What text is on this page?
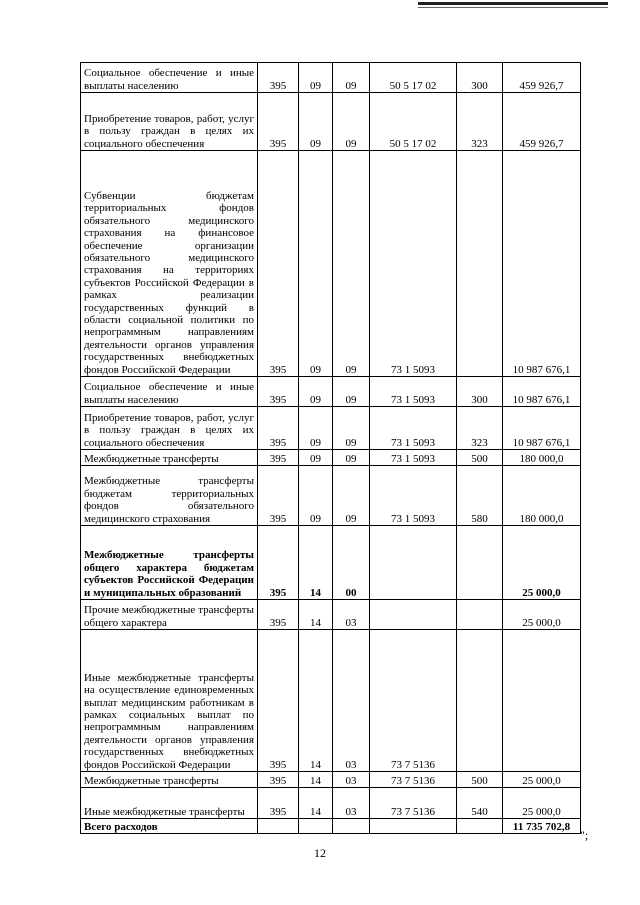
Социальное обеспечение и иные выплаты населению	395	09	09	50 5 17 02	300	459 926,7
Приобретение товаров, работ, услуг в пользу граждан в целях их социального обеспечения	395	09	09	50 5 17 02	323	459 926,7
Субвенции бюджетам территориальных фондов обязательного медицинского страхования на финансовое обеспечение организации обязательного медицинского страхования на территориях субъектов Российской Федерации в рамках реализации государственных функций в области социальной политики по непрограммным направлениям деятельности органов управления государственных внебюджетных фондов Российской Федерации	395	09	09	73 1 5093		10 987 676,1
Социальное обеспечение и иные выплаты населению	395	09	09	73 1 5093	300	10 987 676,1
Приобретение товаров, работ, услуг в пользу граждан в целях их социального обеспечения	395	09	09	73 1 5093	323	10 987 676,1
Межбюджетные трансферты	395	09	09	73 1 5093	500	180 000,0
Межбюджетные трансферты бюджетам территориальных фондов обязательного медицинского страхования	395	09	09	73 1 5093	580	180 000,0
Межбюджетные трансферты общего характера бюджетам субъектов Российской Федерации и муниципальных образований	395	14	00			25 000,0
Прочие межбюджетные трансферты общего характера	395	14	03			25 000,0
Иные межбюджетные трансферты на осуществление единовременных выплат медицинским работникам в рамках социальных выплат по непрограммным направлениям деятельности органов управления государственных внебюджетных фондов Российской Федерации	395	14	03	73 7 5136		
Межбюджетные трансферты	395	14	03	73 7 5136	500	25 000,0
Иные межбюджетные трансферты	395	14	03	73 7 5136	540	25 000,0
Всего расходов						11 735 702,8
";
12
